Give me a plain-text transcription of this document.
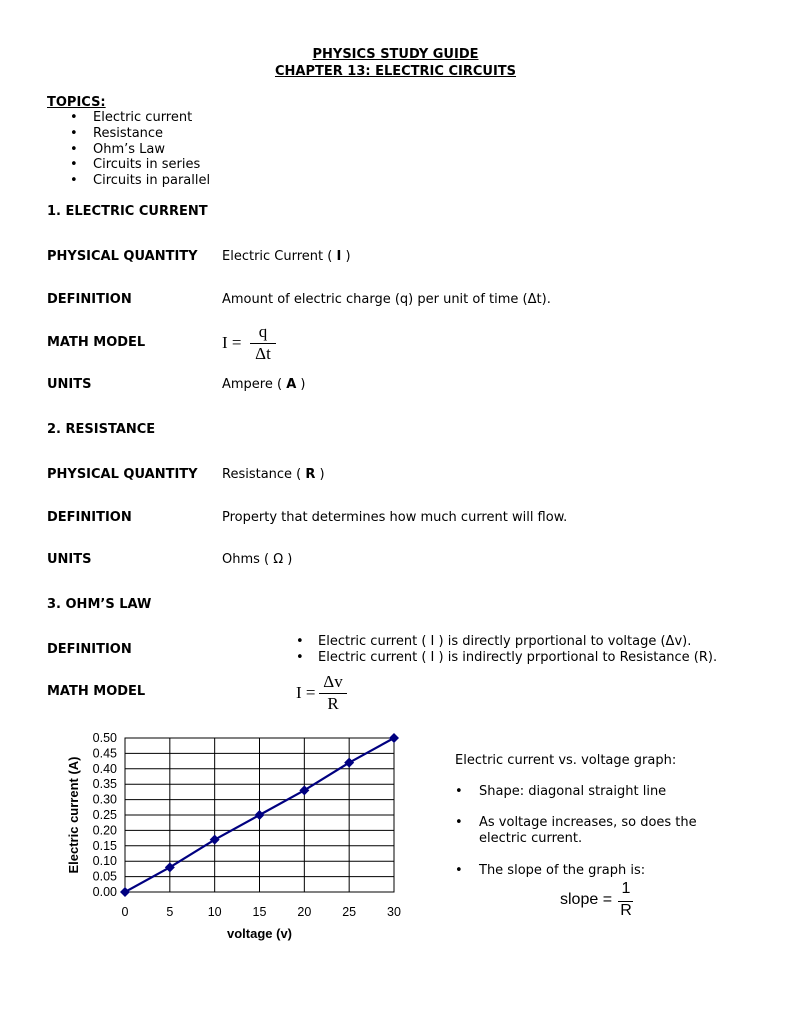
PHYSICS STUDY GUIDE
CHAPTER 13: ELECTRIC CIRCUITS
TOPICS:
• Electric current
• Resistance
• Ohm’s Law
• Circuits in series
• Circuits in parallel
1. ELECTRIC CURRENT
PHYSICAL QUANTITY Electric Current ( I )
DEFINITION	Amount of electric charge (q) per unit of time (Δt).
MATH MODEL	I =
q
Δt
UNITS	Ampere ( A )
2. RESISTANCE
PHYSICAL QUANTITY Resistance ( R )
DEFINITION	Property that determines how much current will flow.
UNITS	Ohms ( Ω )
3. OHM’S LAW
DEFINITION
• Electric current ( I ) is directly prportional to voltage (Δv).
• Electric current ( I ) is indirectly prportional to Resistance (R).
MATH MODEL	I =
Δv
R
0.00
0.05
0.10
0.15
0.20
0.25
0.30
0.35
0.40
0.45
0.50
0	5	10 15 20 25 30
voltage (v)
Electric current (A)	Electric current vs. voltage graph:
• Shape: diagonal straight line
• As voltage increases, so does the electric current.
• The slope of the graph is:
slope =
1
R
